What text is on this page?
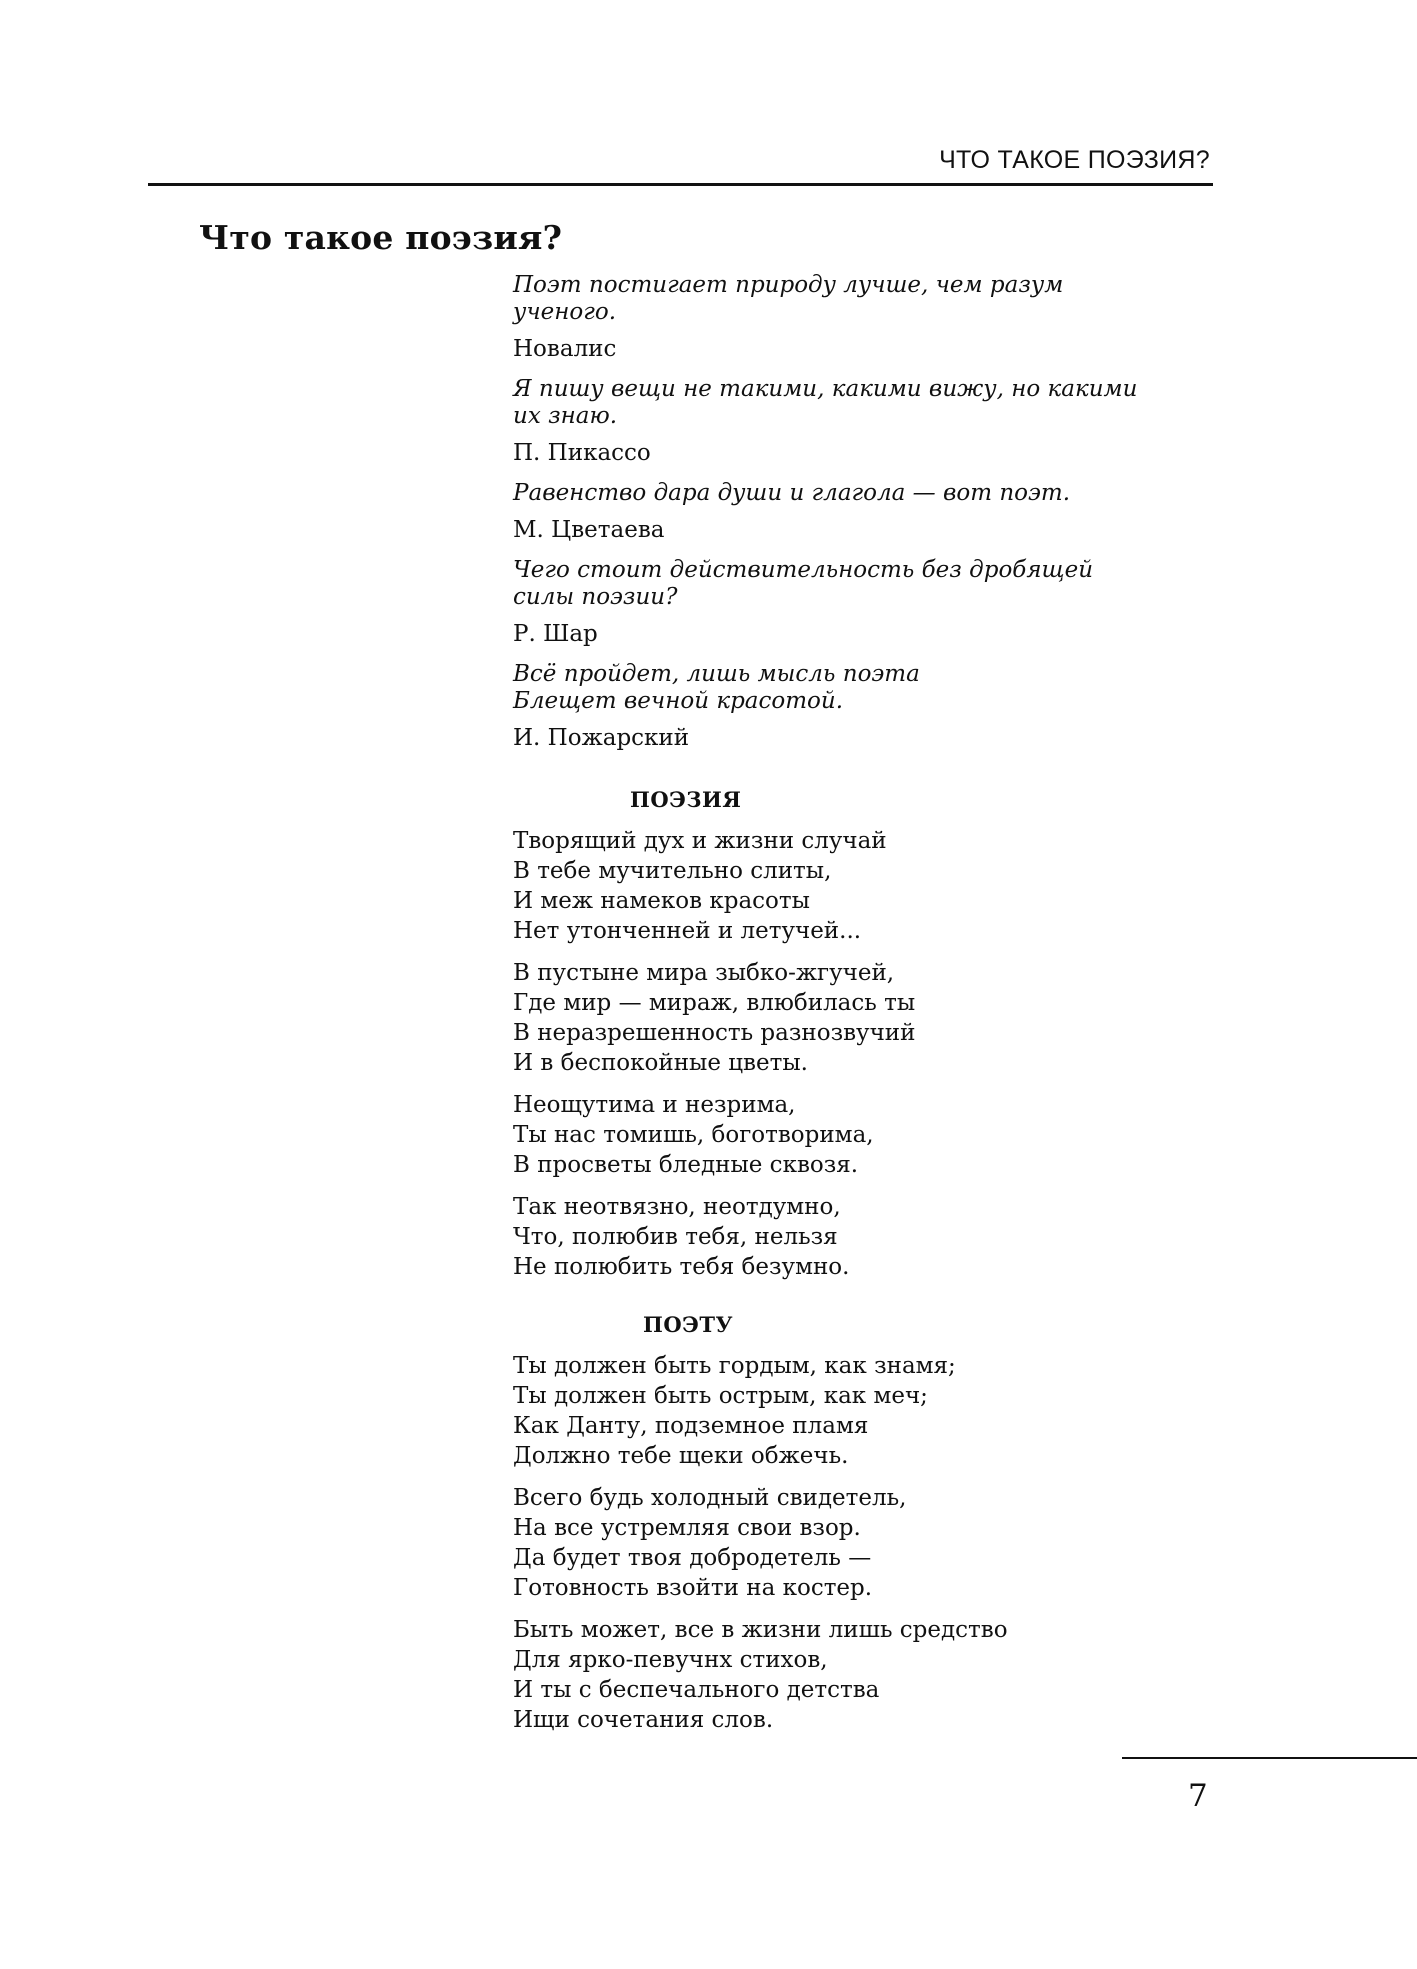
ЧТО ТАКОЕ ПОЭЗИЯ?
Что такое поэзия?

Поэт постигает природу лучше, чем разум ученого.

Новалис

Я пишу вещи не такими, какими вижу, но какими
их знаю.

П. Пикассо

Равенство дара души и глагола — вот поэт.

М. Цветаева

Чего стоит действительность без дробящей
силы поэзии?

Р. Шар

Всё пройдет, лишь мысль поэта
Блещет вечной красотой.

И. Пожарский

ПОЭЗИЯ

Творящий дух и жизни случай
В тебе мучительно слиты,
И меж намеков красоты
Нет утонченней и летучей...

В пустыне мира зыбко-жгучей,
Где мир — мираж, влюбилась ты
В неразрешенность разнозвучий
И в беспокойные цветы.

Неощутима и незрима,
Ты нас томишь, боготворима,
В просветы бледные сквозя.

Так неотвязно, неотдумно,
Что, полюбив тебя, нельзя
Не полюбить тебя безумно.

ПОЭТУ

Ты должен быть гордым, как знамя;
Ты должен быть острым, как меч;
Как Данту, подземное пламя
Должно тебе щеки обжечь.

Всего будь холодный свидетель,
На все устремляя свои взор.
Да будет твоя добродетель —
Готовность взойти на костер.

Быть может, все в жизни лишь средство
Для ярко-певучнх стихов,
И ты с беспечального детства
Ищи сочетания слов.

7
